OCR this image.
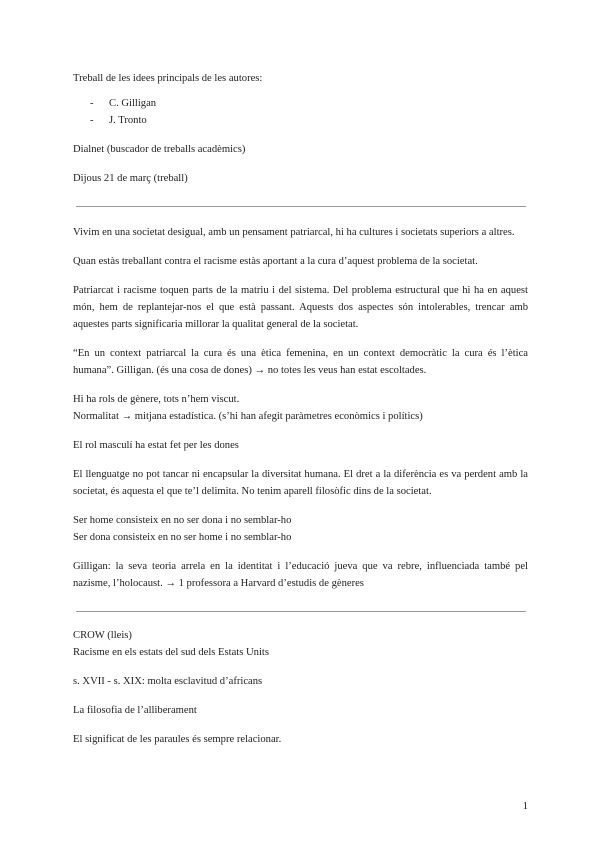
Treball de les idees principals de les autores:

- C. Gilligan
- J. Tronto

Dialnet (buscador de treballs acadèmics)

Dijous 21 de març (treball)

Vivim en una societat desigual, amb un pensament patriarcal, hi ha cultures i societats superiors a altres.

Quan estàs treballant contra el racisme estàs aportant a la cura d’aquest problema de la societat.

Patriarcat i racisme toquen parts de la matriu i del sistema. Del problema estructural que hi ha en aquest món, hem de replantejar-nos el que està passant. Aquests dos aspectes són intolerables, trencar amb aquestes parts significaria millorar la qualitat general de la societat.

“En un context patriarcal la cura és una ètica femenina, en un context democràtic la cura és l’ètica humana”. Gilligan. (és una cosa de dones) → no totes les veus han estat escoltades.

Hi ha rols de gènere, tots n’hem viscut.

Normalitat → mitjana estadística. (s’hi han afegit paràmetres econòmics i polítics)

El rol masculí ha estat fet per les dones

El llenguatge no pot tancar ni encapsular la diversitat humana. El dret a la diferència es va perdent amb la societat, és aquesta el que te’l delimita. No tenim aparell filosòfic dins de la societat.

Ser home consisteix en no ser dona i no semblar-ho

Ser dona consisteix en no ser home i no semblar-ho

Gilligan: la seva teoria arrela en la identitat i l’educació jueva que va rebre, influenciada també pel nazisme, l’holocaust. → 1 professora a Harvard d’estudis de gèneres

CROW (lleis)

Racisme en els estats del sud dels Estats Units

s. XVII - s. XIX: molta esclavitud d’africans

La filosofia de l’alliberament

El significat de les paraules és sempre relacionar.

1
